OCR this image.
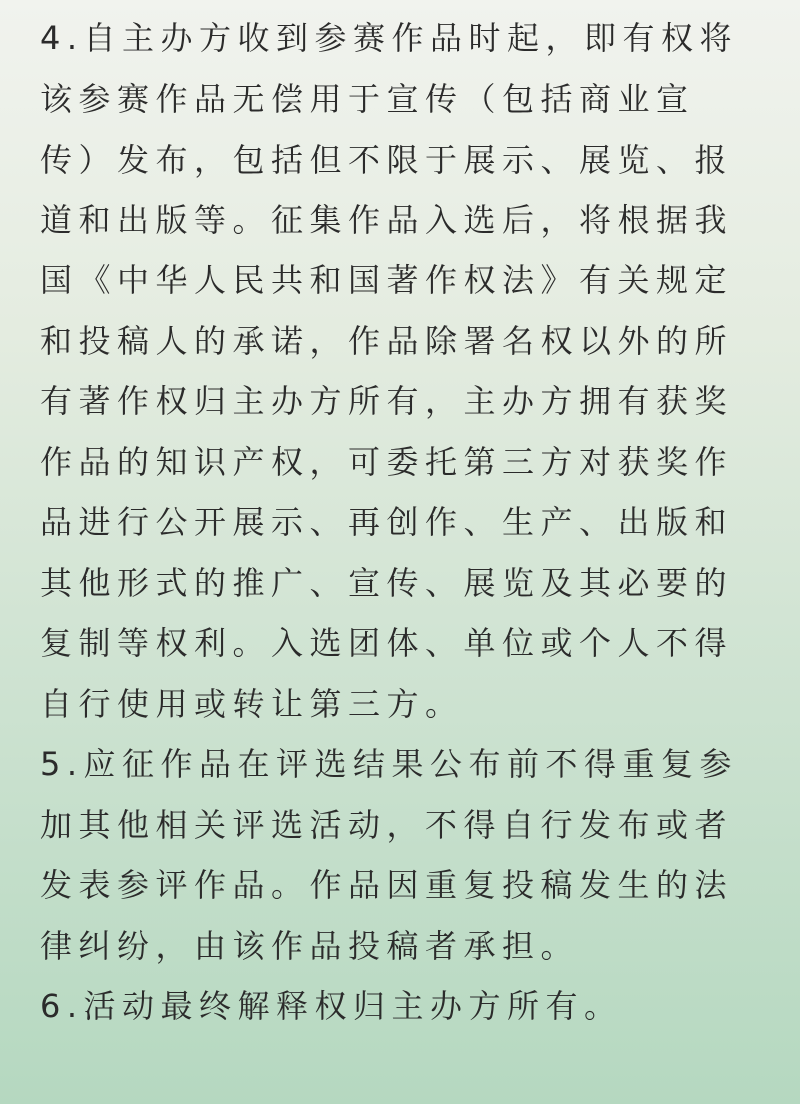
4.自主办方收到参赛作品时起，即有权将
该参赛作品无偿用于宣传（包括商业宣
传）发布，包括但不限于展示、展览、报
道和出版等。征集作品入选后，将根据我
国《中华人民共和国著作权法》有关规定
和投稿人的承诺，作品除署名权以外的所
有著作权归主办方所有，主办方拥有获奖
作品的知识产权，可委托第三方对获奖作
品进行公开展示、再创作、生产、出版和
其他形式的推广、宣传、展览及其必要的
复制等权利。入选团体、单位或个人不得
自行使用或转让第三方。
5.应征作品在评选结果公布前不得重复参
加其他相关评选活动，不得自行发布或者
发表参评作品。作品因重复投稿发生的法
律纠纷，由该作品投稿者承担。
6.活动最终解释权归主办方所有。
